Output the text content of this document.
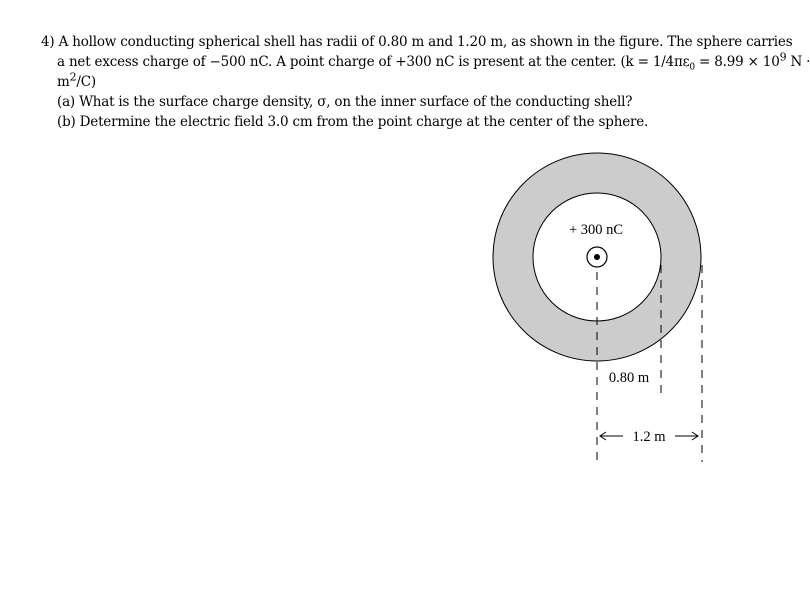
4) A hollow conducting spherical shell has radii of 0.80 m and 1.20 m, as shown in the figure. The sphere carries
a net excess charge of −500 nC. A point charge of +300 nC is present at the center. ($k = 1/4\pi\varepsilon_0 = 8.99 \times 10^9$ N ·
$m^2/C$)
(a) What is the surface charge density, σ, on the inner surface of the conducting shell?
(b) Determine the electric field 3.0 cm from the point charge at the center of the sphere.
+ 300 nC
0.80 m
1.2 m
